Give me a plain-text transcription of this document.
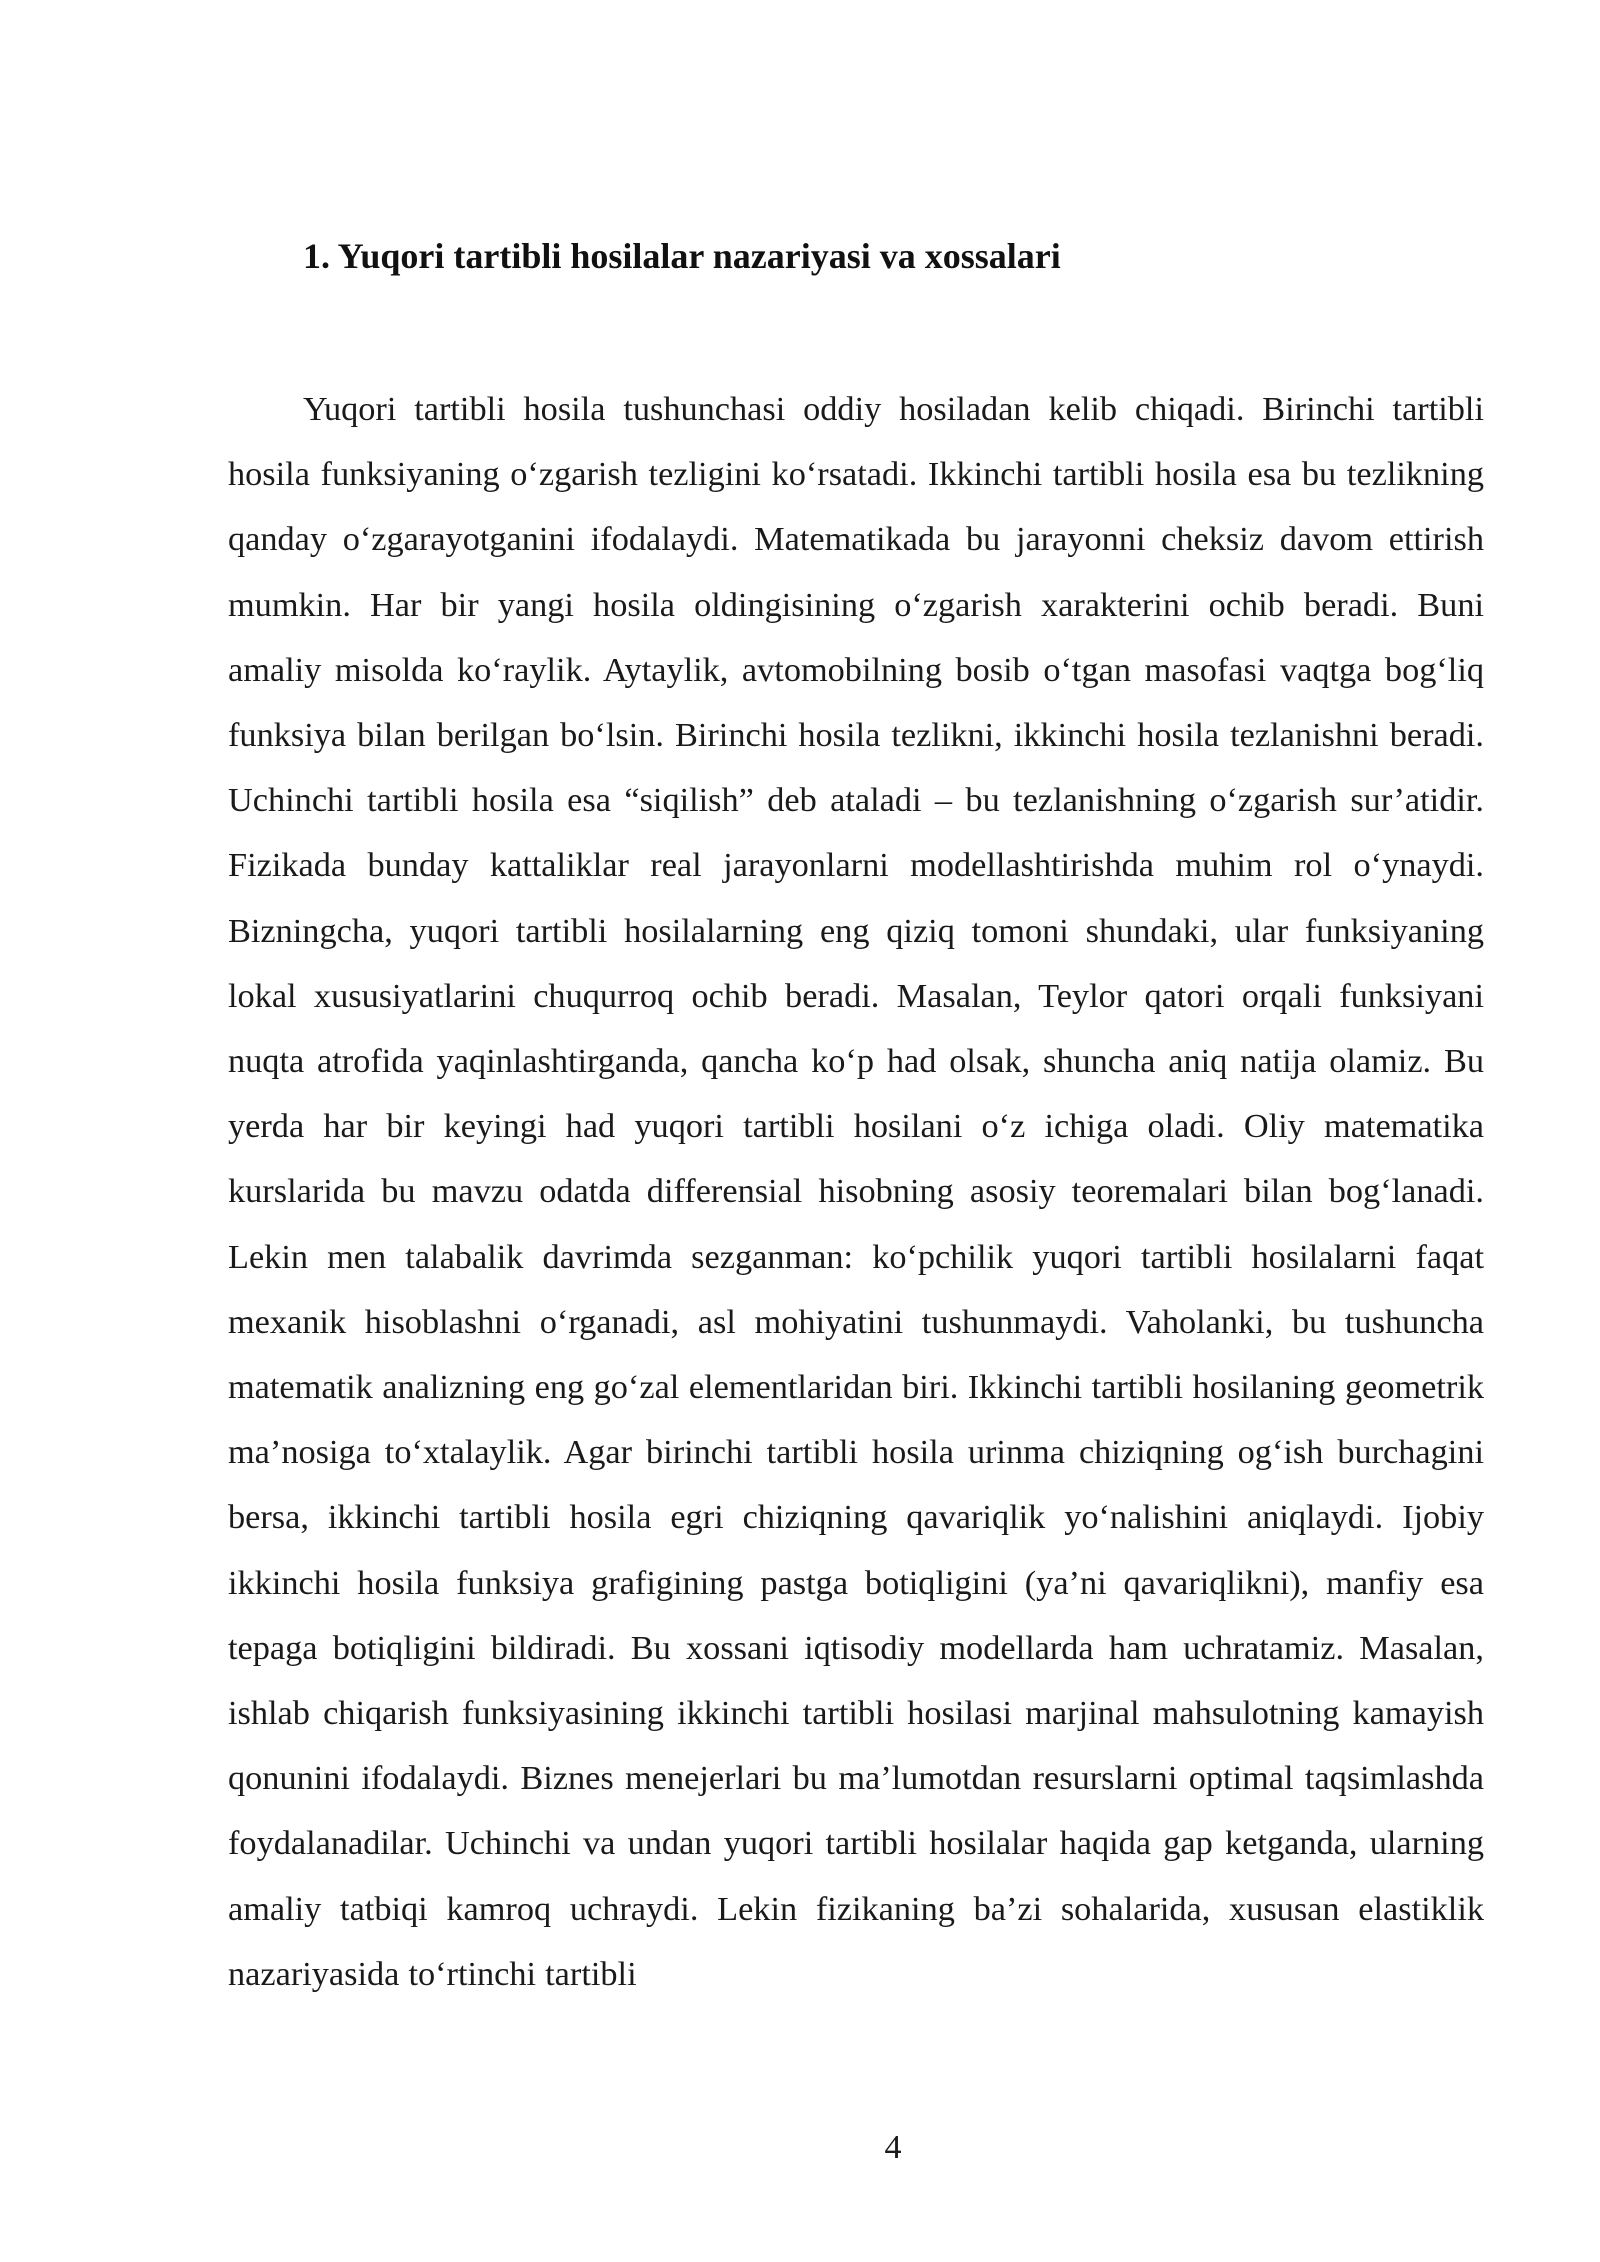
1. Yuqori tartibli hosilalar nazariyasi va xossalari

Yuqori tartibli hosila tushunchasi oddiy hosiladan kelib chiqadi. Birinchi tartibli hosila funksiyaning o‘zgarish tezligini ko‘rsatadi. Ikkinchi tartibli hosila esa bu tezlikning qanday o‘zgarayotganini ifodalaydi. Matematikada bu jarayonni cheksiz davom ettirish mumkin. Har bir yangi hosila oldingisining o‘zgarish xarakterini ochib beradi. Buni amaliy misolda ko‘raylik. Aytaylik, avtomobilning bosib o‘tgan masofasi vaqtga bog‘liq funksiya bilan berilgan bo‘lsin. Birinchi hosila tezlikni, ikkinchi hosila tezlanishni beradi. Uchinchi tartibli hosila esa “siqilish” deb ataladi – bu tezlanishning o‘zgarish sur’atidir. Fizikada bunday kattaliklar real jarayonlarni modellashtirishda muhim rol o‘ynaydi. Bizningcha, yuqori tartibli hosilalarning eng qiziq tomoni shundaki, ular funksiyaning lokal xususiyatlarini chuqurroq ochib beradi. Masalan, Teylor qatori orqali funksiyani nuqta atrofida yaqinlashtirganda, qancha ko‘p had olsak, shuncha aniq natija olamiz. Bu yerda har bir keyingi had yuqori tartibli hosilani o‘z ichiga oladi. Oliy matematika kurslarida bu mavzu odatda differensial hisobning asosiy teoremalari bilan bog‘lanadi. Lekin men talabalik davrimda sezganman: ko‘pchilik yuqori tartibli hosilalarni faqat mexanik hisoblashni o‘rganadi, asl mohiyatini tushunmaydi. Vaholanki, bu tushuncha matematik analizning eng go‘zal elementlaridan biri. Ikkinchi tartibli hosilaning geometrik ma’nosiga to‘xtalaylik. Agar birinchi tartibli hosila urinma chiziqning og‘ish burchagini bersa, ikkinchi tartibli hosila egri chiziqning qavariqlik yo‘nalishini aniqlaydi. Ijobiy ikkinchi hosila funksiya grafigining pastga botiqligini (ya’ni qavariqlikni), manfiy esa tepaga botiqligini bildiradi. Bu xossani iqtisodiy modellarda ham uchratamiz. Masalan, ishlab chiqarish funksiyasining ikkinchi tartibli hosilasi marjinal mahsulotning kamayish qonunini ifodalaydi. Biznes menejerlari bu ma’lumotdan resurslarni optimal taqsimlashda foydalanadilar. Uchinchi va undan yuqori tartibli hosilalar haqida gap ketganda, ularning amaliy tatbiqi kamroq uchraydi. Lekin fizikaning ba’zi sohalarida, xususan elastiklik nazariyasida to‘rtinchi tartibli

4
